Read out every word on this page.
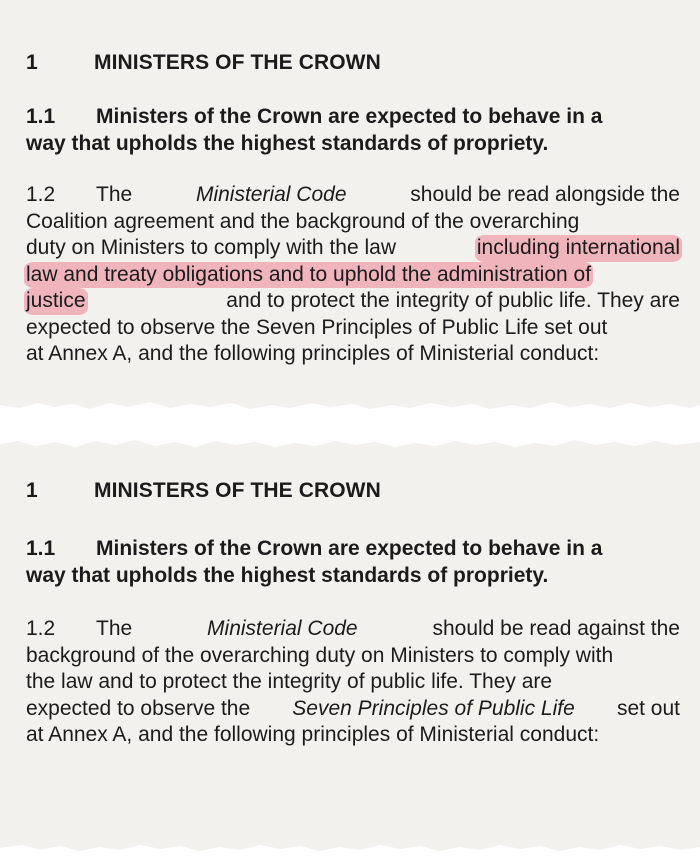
1	MINISTERS OF THE CROWN
1.1 Ministers of the Crown are expected to behave in a
way that upholds the highest standards of propriety.
1.2 The	Ministerial Code	should be read alongside the
Coalition agreement and the background of the overarching
duty on Ministers to comply with the law	including international
law and treaty obligations and to uphold the administration of
justice	and to protect the integrity of public life. They are
expected to observe the Seven Principles of Public Life set out
at Annex A, and the following principles of Ministerial conduct:
1	MINISTERS OF THE CROWN
1.1 Ministers of the Crown are expected to behave in a
way that upholds the highest standards of propriety.
1.2 The	Ministerial Code	should be read against the
background of the overarching duty on Ministers to comply with
the law and to protect the integrity of public life. They are
expected to observe the Seven Principles of Public Life set out
at Annex A, and the following principles of Ministerial conduct:
